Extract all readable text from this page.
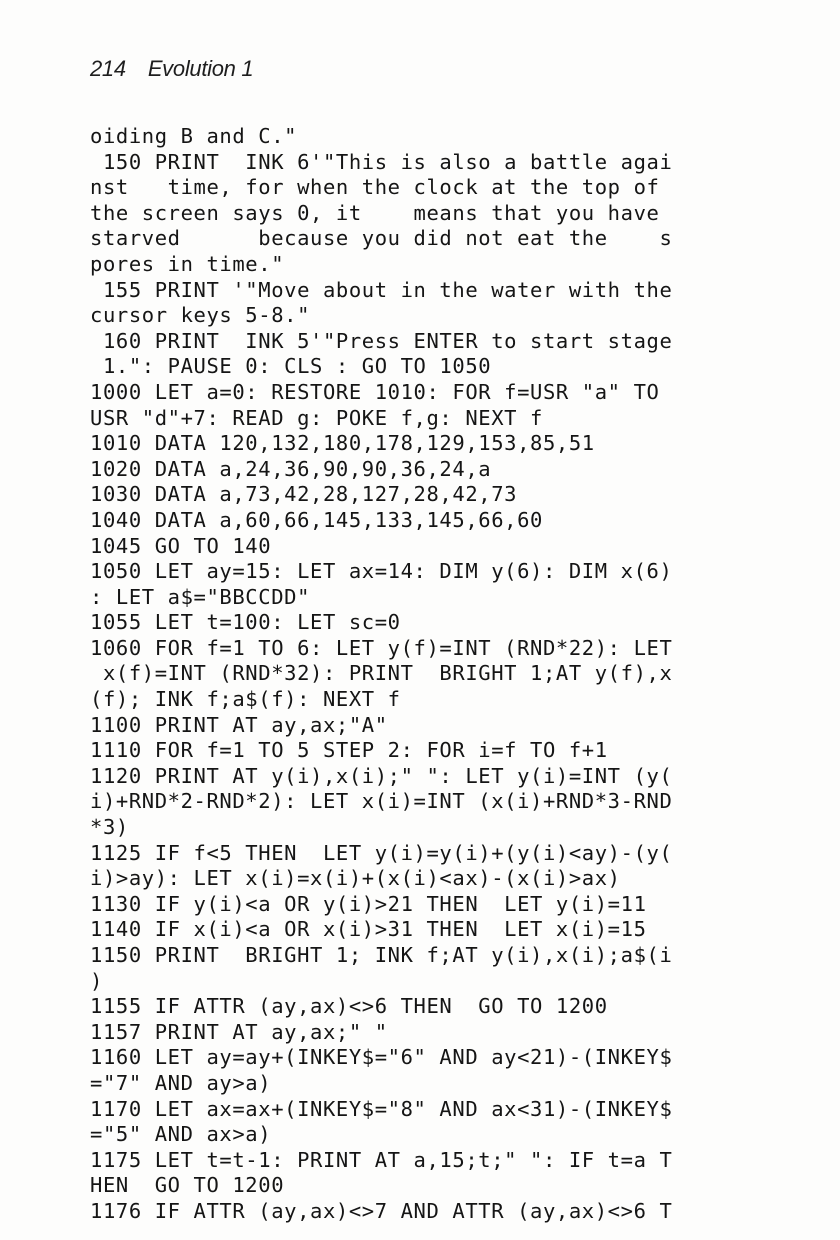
214 Evolution 1
oiding B and C."
150 PRINT  INK 6'"This is also a battle agai
nst   time, for when the clock at the top of
the screen says 0, it    means that you have
starved      because you did not eat the    s
pores in time."
155 PRINT '"Move about in the water with the
cursor keys 5-8."
160 PRINT  INK 5'"Press ENTER to start stage
1.": PAUSE 0: CLS : GO TO 1050
1000 LET a=0: RESTORE 1010: FOR f=USR "a" TO
USR "d"+7: READ g: POKE f,g: NEXT f
1010 DATA 120,132,180,178,129,153,85,51
1020 DATA a,24,36,90,90,36,24,a
1030 DATA a,73,42,28,127,28,42,73
1040 DATA a,60,66,145,133,145,66,60
1045 GO TO 140
1050 LET ay=15: LET ax=14: DIM y(6): DIM x(6)
: LET a$="BBCCDD"
1055 LET t=100: LET sc=0
1060 FOR f=1 TO 6: LET y(f)=INT (RND*22): LET
x(f)=INT (RND*32): PRINT  BRIGHT 1;AT y(f),x
(f); INK f;a$(f): NEXT f
1100 PRINT AT ay,ax;"A"
1110 FOR f=1 TO 5 STEP 2: FOR i=f TO f+1
1120 PRINT AT y(i),x(i);" ": LET y(i)=INT (y(
i)+RND*2-RND*2): LET x(i)=INT (x(i)+RND*3-RND
*3)
1125 IF f<5 THEN  LET y(i)=y(i)+(y(i)<ay)-(y(
i)>ay): LET x(i)=x(i)+(x(i)<ax)-(x(i)>ax)
1130 IF y(i)<a OR y(i)>21 THEN  LET y(i)=11
1140 IF x(i)<a OR x(i)>31 THEN  LET x(i)=15
1150 PRINT  BRIGHT 1; INK f;AT y(i),x(i);a$(i
)
1155 IF ATTR (ay,ax)<>6 THEN  GO TO 1200
1157 PRINT AT ay,ax;" "
1160 LET ay=ay+(INKEY$="6" AND ay<21)-(INKEY$
="7" AND ay>a)
1170 LET ax=ax+(INKEY$="8" AND ax<31)-(INKEY$
="5" AND ax>a)
1175 LET t=t-1: PRINT AT a,15;t;" ": IF t=a T
HEN  GO TO 1200
1176 IF ATTR (ay,ax)<>7 AND ATTR (ay,ax)<>6 T
